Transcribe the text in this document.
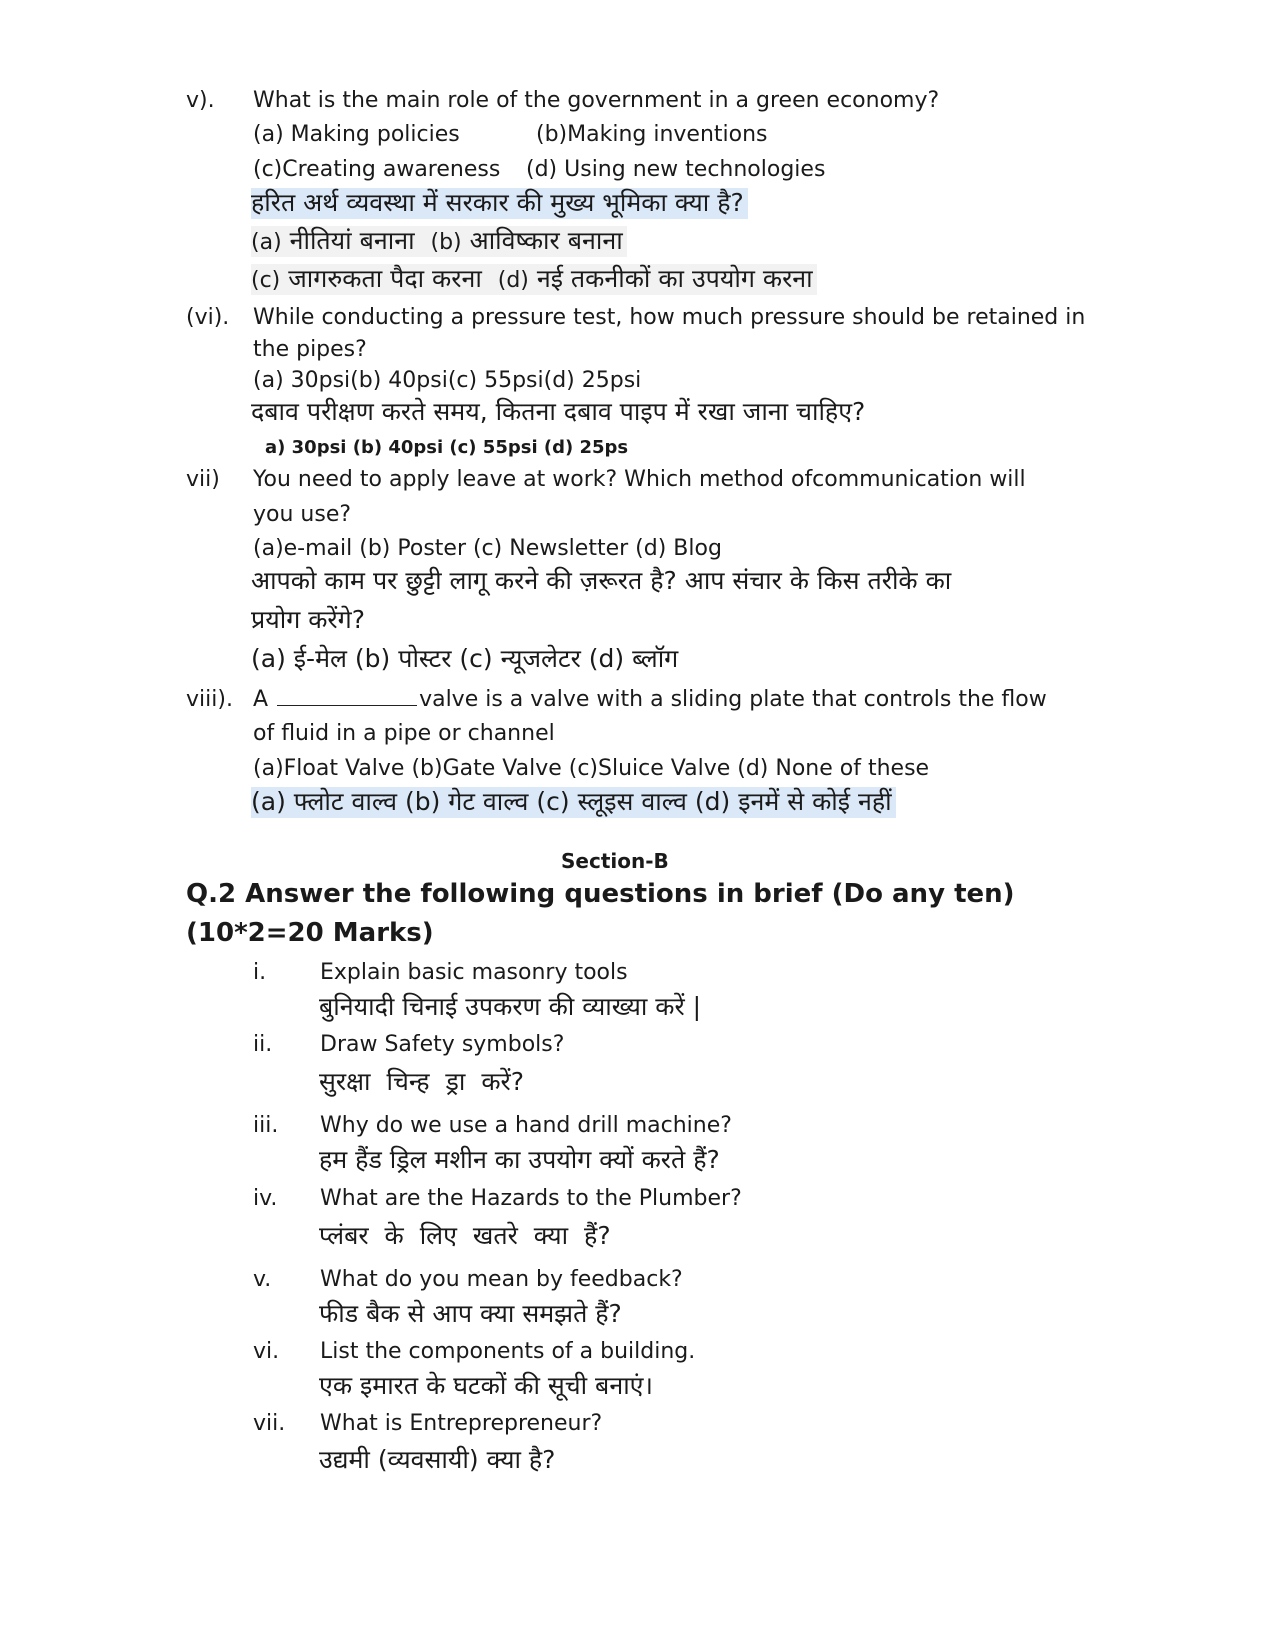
v). What is the main role of the government in a green economy?
(a) Making policies	(b)Making inventions
(c)Creating awareness (d) Using new technologies
हरित अर्थ व्यवस्था में सरकार की मुख्य भूमिका क्या है?
(a) नीतियां बनाना (b) आविष्कार बनाना
(c) जागरुकता पैदा करना (d) नई तकनीकों का उपयोग करना
(vi). While conducting a pressure test, how much pressure should be retained in
the pipes?
(a) 30psi(b) 40psi(c) 55psi(d) 25psi
दबाव परीक्षण करते समय, कितना दबाव पाइप में रखा जाना चाहिए?
a) 30psi (b) 40psi (c) 55psi (d) 25ps
vii) You need to apply leave at work? Which method ofcommunication will
you use?
(a)e-mail (b) Poster (c) Newsletter (d) Blog
आपको काम पर छुट्टी लागू करने की ज़रूरत है? आप संचार के किस तरीके का
प्रयोग करेंगे?
(a) ई-मेल (b) पोस्टर (c) न्यूजलेटर (d) ब्लॉग
viii). A	valve is a valve with a sliding plate that controls the flow
of fluid in a pipe or channel
(a)Float Valve (b)Gate Valve (c)Sluice Valve (d) None of these
(a) फ्लोट वाल्व (b) गेट वाल्व (c) स्लूइस वाल्व (d) इनमें से कोई नहीं
Section-B
Q.2 Answer the following questions in brief (Do any ten)
(10*2=20 Marks)
i. Explain basic masonry tools
बुनियादी चिनाई उपकरण की व्याख्या करें |
ii. Draw Safety symbols?
सुरक्षा चिन्ह ड्रा करें?
iii. Why do we use a hand drill machine?
हम हैंड ड्रिल मशीन का उपयोग क्यों करते हैं?
iv. What are the Hazards to the Plumber?
प्लंबर के लिए खतरे क्या हैं?
v. What do you mean by feedback?
फीड बैक से आप क्या समझते हैं?
vi. List the components of a building.
एक इमारत के घटकों की सूची बनाएं।
vii. What is Entreprepreneur?
उद्यमी (व्यवसायी) क्या है?
